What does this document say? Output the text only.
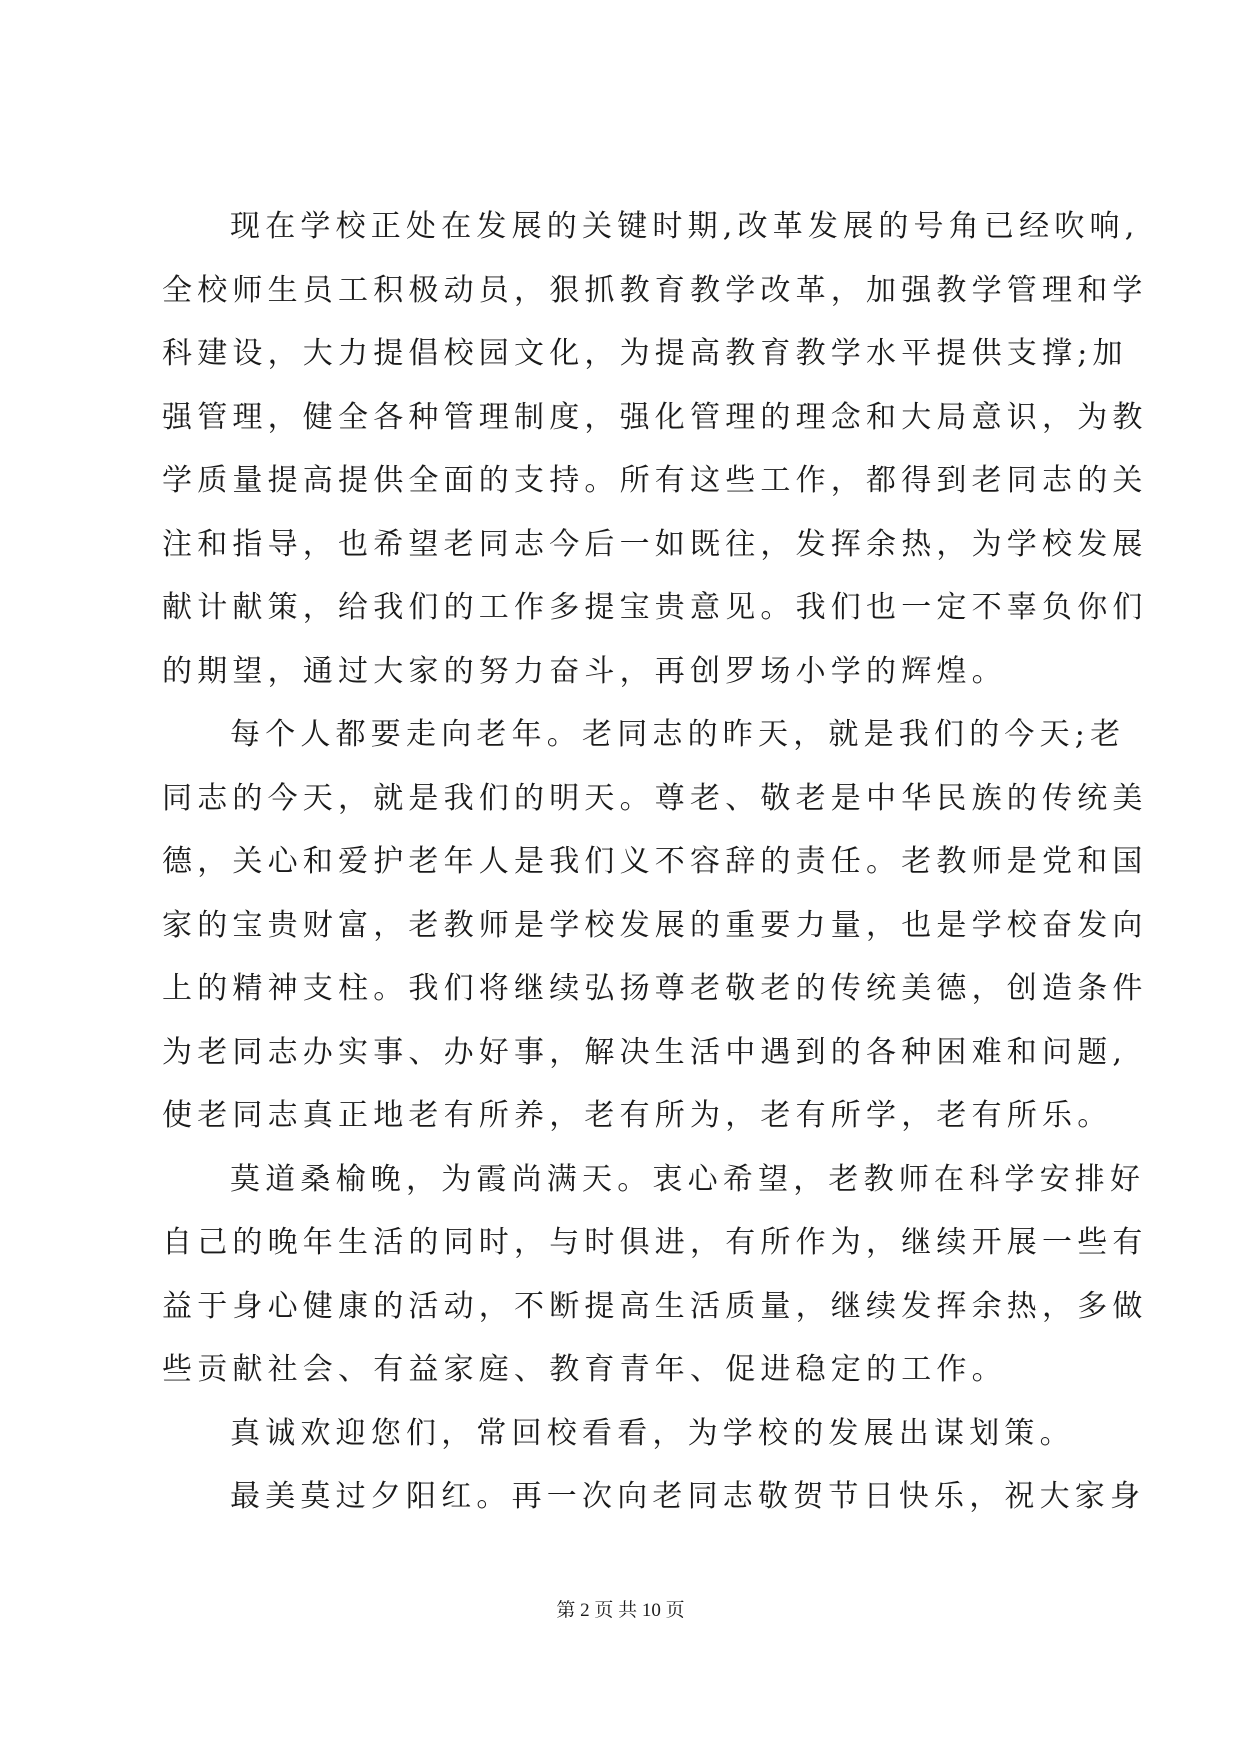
现在学校正处在发展的关键时期,改革发展的号角已经吹响,
全校师生员工积极动员，狠抓教育教学改革，加强教学管理和学
科建设，大力提倡校园文化，为提高教育教学水平提供支撑;加
强管理，健全各种管理制度，强化管理的理念和大局意识，为教
学质量提高提供全面的支持。所有这些工作，都得到老同志的关
注和指导，也希望老同志今后一如既往，发挥余热，为学校发展
献计献策，给我们的工作多提宝贵意见。我们也一定不辜负你们
的期望，通过大家的努力奋斗，再创罗场小学的辉煌。
每个人都要走向老年。老同志的昨天，就是我们的今天;老
同志的今天，就是我们的明天。尊老、敬老是中华民族的传统美
德，关心和爱护老年人是我们义不容辞的责任。老教师是党和国
家的宝贵财富，老教师是学校发展的重要力量，也是学校奋发向
上的精神支柱。我们将继续弘扬尊老敬老的传统美德，创造条件
为老同志办实事、办好事，解决生活中遇到的各种困难和问题,
使老同志真正地老有所养，老有所为，老有所学，老有所乐。
莫道桑榆晚，为霞尚满天。衷心希望，老教师在科学安排好
自己的晚年生活的同时，与时俱进，有所作为，继续开展一些有
益于身心健康的活动，不断提高生活质量，继续发挥余热，多做
些贡献社会、有益家庭、教育青年、促进稳定的工作。
真诚欢迎您们，常回校看看，为学校的发展出谋划策。
最美莫过夕阳红。再一次向老同志敬贺节日快乐，祝大家身
第 2 页 共 10 页
